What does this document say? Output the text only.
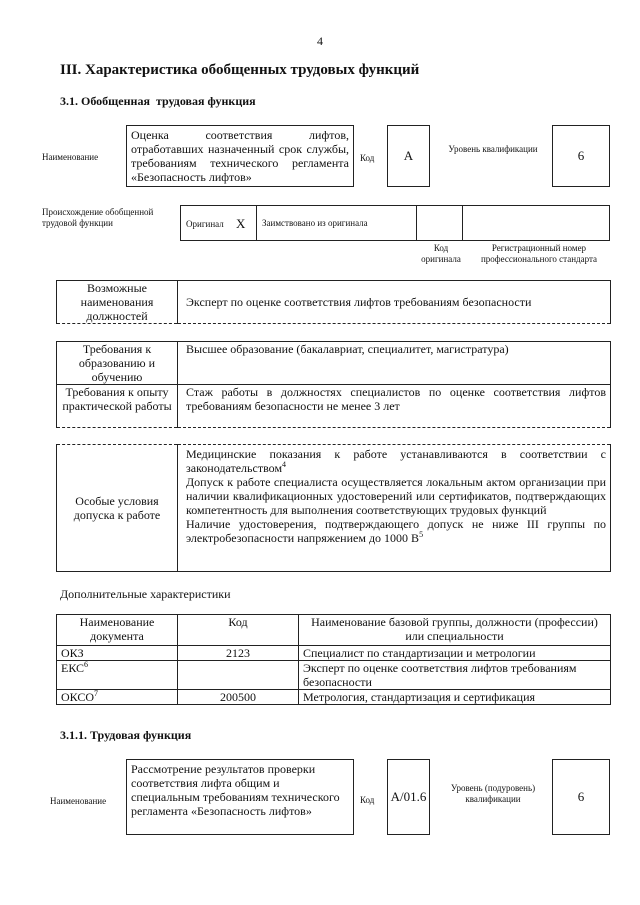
4
III. Характеристика обобщенных трудовых функций
3.1. Обобщенная  трудовая функция
Наименование
Оценка соответствия лифтов, отработавших назначенный срок службы, требованиям технического регламента «Безопасность лифтов»
Код А	Уровень квалификации	6
Происхождение обобщенной трудовой функции	Оригинал Х Заимствовано из оригинала
Код оригинала
Регистрационный номер профессионального стандарта
Возможные наименования должностей	Эксперт по оценке соответствия лифтов требованиям безопасности
Требования к образованию и обучению	Высшее образование (бакалавриат, специалитет, магистратура)
Требования к опыту практической работы	Стаж работы в должностях специалистов по оценке соответствия лифтов требованиям безопасности не менее 3 лет
Особые условия допуска к работе	
Медицинские показания к работе устанавливаются в соответствии с законодательством$^4$
Допуск к работе специалиста осуществляется локальным актом организации при наличии квалификационных удостоверений или сертификатов, подтверждающих компетентность для выполнения соответствующих трудовых функций
Наличие удостоверения, подтверждающего допуск не ниже III группы по электробезопасности напряжением до 1000 $В^5$
Дополнительные характеристики
Наименование документа	Код	Наименование базовой группы, должности (профессии) или специальности
ОКЗ	2123	Специалист по стандартизации и метрологии
ЕКС$^6$		Эксперт по оценке соответствия лифтов требованиям безопасности
ОКСО$^7$	200500	Метрология, стандартизация и сертификация
3.1.1. Трудовая функция
Наименование
Рассмотрение результатов проверки соответствия лифта общим и специальным требованиям технического регламента «Безопасность лифтов»
Код А/01.6
Уровень (подуровень) квалификации	6
